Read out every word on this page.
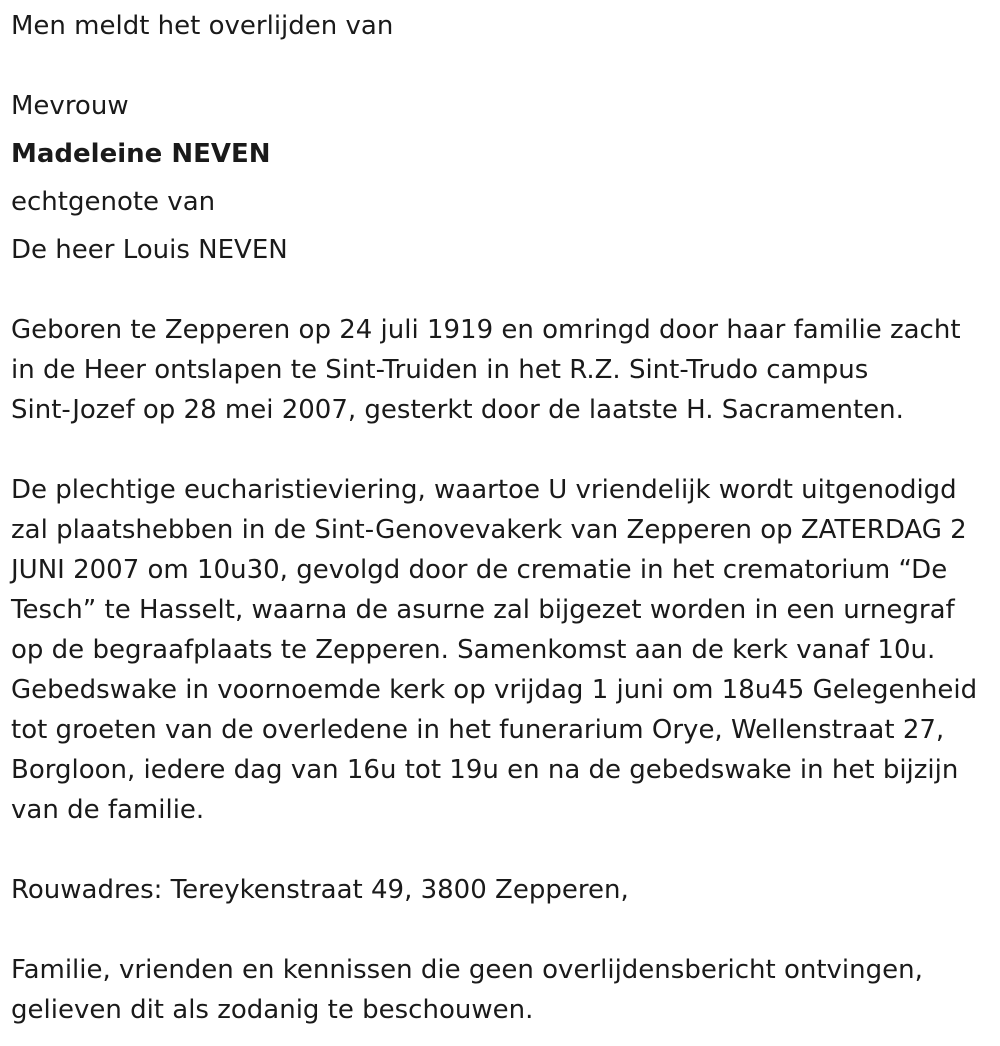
Men meldt het overlijden van
Mevrouw
Madeleine NEVEN
echtgenote van
De heer Louis NEVEN
Geboren te Zepperen op 24 juli 1919 en omringd door haar familie zacht
in de Heer ontslapen te Sint-Truiden in het R.Z. Sint-Trudo campus
Sint-Jozef op 28 mei 2007, gesterkt door de laatste H. Sacramenten.
De plechtige eucharistieviering, waartoe U vriendelijk wordt uitgenodigd
zal plaatshebben in de Sint-Genovevakerk van Zepperen op ZATERDAG 2
JUNI 2007 om 10u30, gevolgd door de crematie in het crematorium “De
Tesch” te Hasselt, waarna de asurne zal bijgezet worden in een urnegraf
op de begraafplaats te Zepperen. Samenkomst aan de kerk vanaf 10u.
Gebedswake in voornoemde kerk op vrijdag 1 juni om 18u45 Gelegenheid
tot groeten van de overledene in het funerarium Orye, Wellenstraat 27,
Borgloon, iedere dag van 16u tot 19u en na de gebedswake in het bijzijn
van de familie.
Rouwadres: Tereykenstraat 49, 3800 Zepperen,
Familie, vrienden en kennissen die geen overlijdensbericht ontvingen,
gelieven dit als zodanig te beschouwen.
